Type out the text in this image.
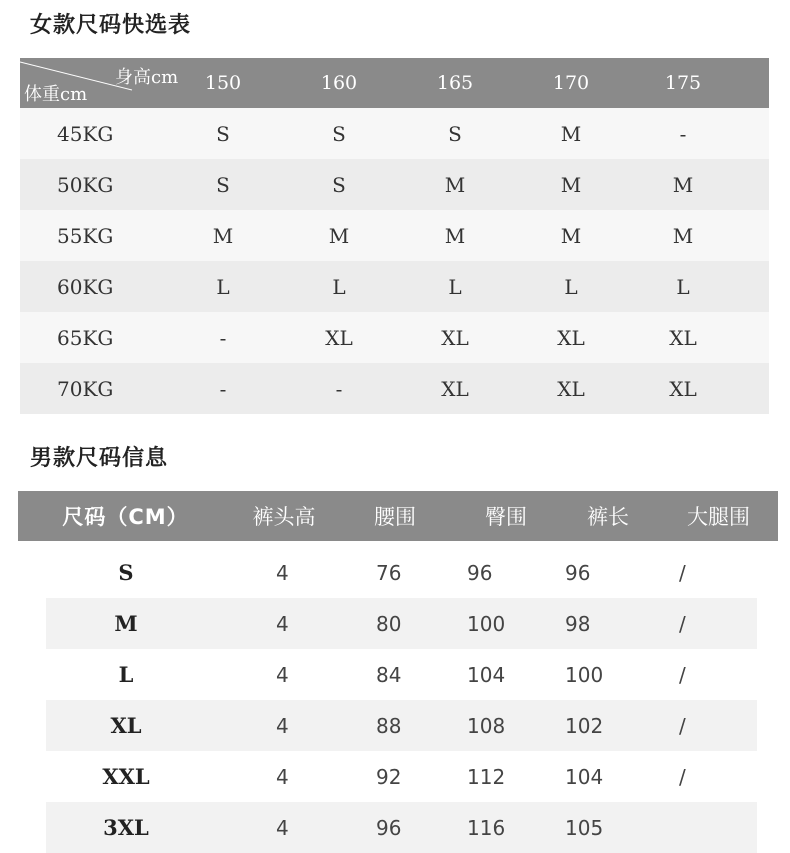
女款尺码快选表
身高cm
体重cm
150	160	165	170	175
45KG	S	S	S	M	-
50KG	S	S	M	M	M
55KG	M	M	M	M	M
60KG	L	L	L	L	L
65KG	-	XL	XL	XL	XL
70KG	-	-	XL	XL	XL
男款尺码信息
尺码（CM）	裤头高	腰围	臀围	裤长	大腿围
S	4	76	96	96	/
M	4	80	100	98	/
L	4	84	104	100	/
XL	4	88	108	102	/
XXL	4	92	112	104	/
3XL	4	96	116	105
